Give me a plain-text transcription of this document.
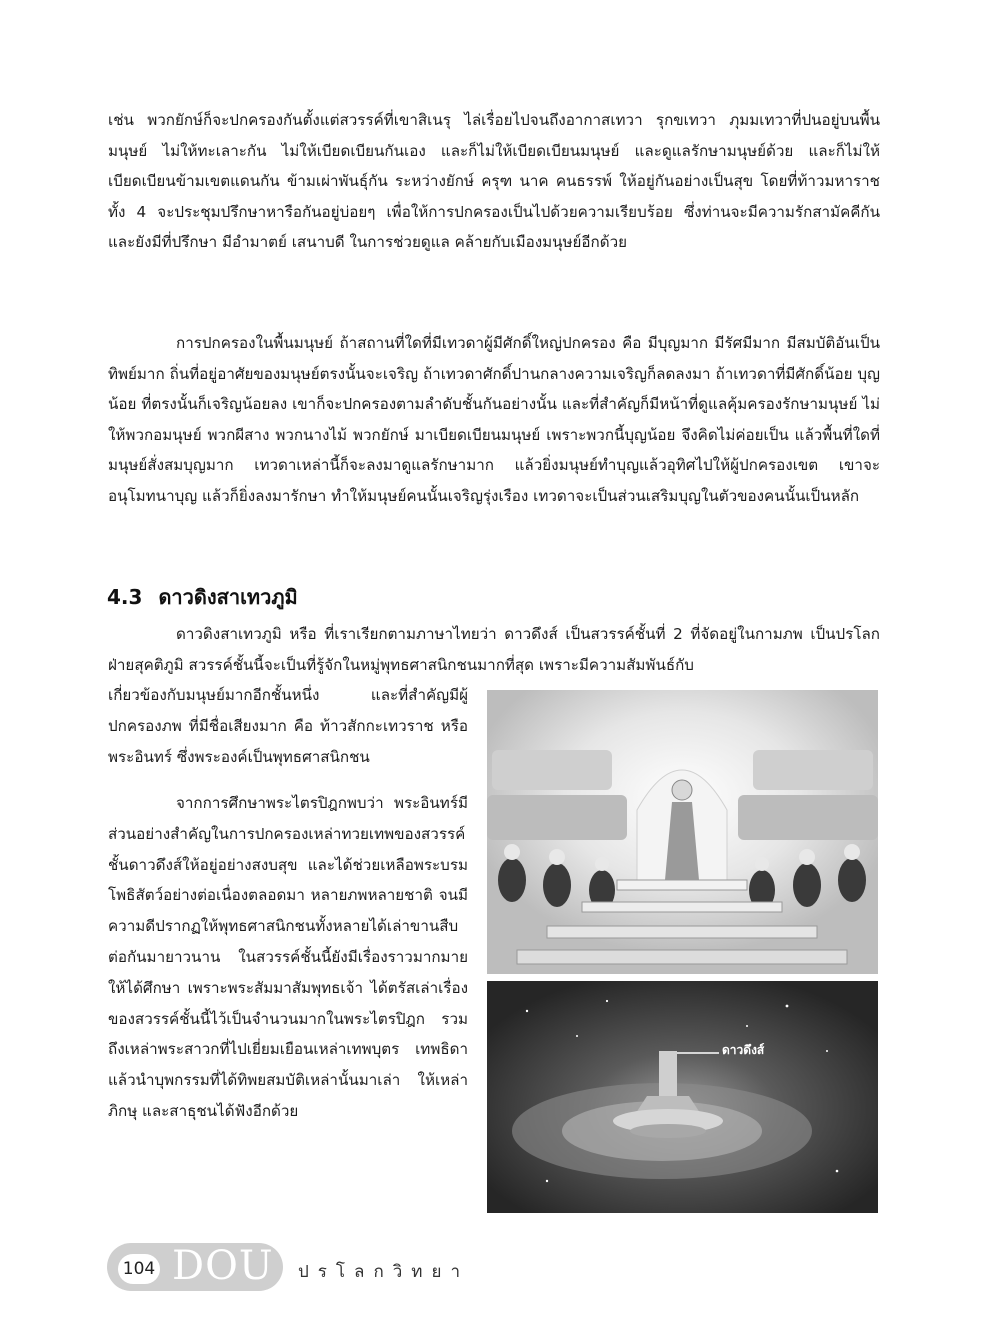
เช่น พวกยักษ์ก็จะปกครองกันตั้งแต่สวรรค์ที่เขาสิเนรุ ไล่เรื่อยไปจนถึงอากาสเทวา รุกขเทวา ภุมมเทวาที่ปนอยู่บนพื้นมนุษย์ ไม่ให้ทะเลาะกัน ไม่ให้เบียดเบียนกันเอง และก็ไม่ให้เบียดเบียนมนุษย์ และดูแลรักษามนุษย์ด้วย และก็ไม่ให้เบียดเบียนข้ามเขตแดนกัน ข้ามเผ่าพันธุ์กัน ระหว่างยักษ์ ครุฑ นาค คนธรรพ์ ให้อยู่กันอย่างเป็นสุข โดยที่ท้าวมหาราชทั้ง 4 จะประชุมปรึกษาหารือกันอยู่บ่อยๆ เพื่อให้การปกครองเป็นไปด้วยความเรียบร้อย ซึ่งท่านจะมีความรักสามัคคีกัน และยังมีที่ปรึกษา มีอำมาตย์ เสนาบดี ในการช่วยดูแล คล้ายกับเมืองมนุษย์อีกด้วย

การปกครองในพื้นมนุษย์ ถ้าสถานที่ใดที่มีเทวดาผู้มีศักดิ์ใหญ่ปกครอง คือ มีบุญมาก มีรัศมีมาก มีสมบัติอันเป็นทิพย์มาก ถิ่นที่อยู่อาศัยของมนุษย์ตรงนั้นจะเจริญ ถ้าเทวดาศักดิ์ปานกลางความเจริญก็ลดลงมา ถ้าเทวดาที่มีศักดิ์น้อย บุญน้อย ที่ตรงนั้นก็เจริญน้อยลง เขาก็จะปกครองตามลำดับชั้นกันอย่างนั้น และที่สำคัญก็มีหน้าที่ดูแลคุ้มครองรักษามนุษย์ ไม่ให้พวกอมนุษย์ พวกผีสาง พวกนางไม้ พวกยักษ์ มาเบียดเบียนมนุษย์ เพราะพวกนี้บุญน้อย จึงคิดไม่ค่อยเป็น แล้วพื้นที่ใดที่มนุษย์สั่งสมบุญมาก เทวดาเหล่านี้ก็จะลงมาดูแลรักษามาก แล้วยิ่งมนุษย์ทำบุญแล้วอุทิศไปให้ผู้ปกครองเขต เขาจะอนุโมทนาบุญ แล้วก็ยิ่งลงมารักษา ทำให้มนุษย์คนนั้นเจริญรุ่งเรือง เทวดาจะเป็นส่วนเสริมบุญในตัวของคนนั้นเป็นหลัก

4.3 ดาวดิงสาเทวภูมิ

ดาวดิงสาเทวภูมิ หรือ ที่เราเรียกตามภาษาไทยว่า ดาวดึงส์ เป็นสวรรค์ชั้นที่ 2 ที่จัดอยู่ในกามภพ เป็นปรโลกฝ่ายสุคติภูมิ สวรรค์ชั้นนี้จะเป็นที่รู้จักในหมู่พุทธศาสนิกชนมากที่สุด เพราะมีความสัมพันธ์กับ

เกี่ยวข้องกับมนุษย์มากอีกชั้นหนึ่ง และที่สำคัญมีผู้ปกครองภพ ที่มีชื่อเสียงมาก คือ ท้าวสักกะเทวราช หรือพระอินทร์ ซึ่งพระองค์เป็นพุทธศาสนิกชน

จากการศึกษาพระไตรปิฎกพบว่า พระอินทร์มีส่วนอย่างสำคัญในการปกครองเหล่าทวยเทพของสวรรค์ชั้นดาวดึงส์ให้อยู่อย่างสงบสุข และได้ช่วยเหลือพระบรมโพธิสัตว์อย่างต่อเนื่องตลอดมา หลายภพหลายชาติ จนมีความดีปรากฏให้พุทธศาสนิกชนทั้งหลายได้เล่าขานสืบต่อกันมายาวนาน ในสวรรค์ชั้นนี้ยังมีเรื่องราวมากมายให้ได้ศึกษา เพราะพระสัมมาสัมพุทธเจ้า ได้ตรัสเล่าเรื่องของสวรรค์ชั้นนี้ไว้เป็นจำนวนมากในพระไตรปิฎก รวมถึงเหล่าพระสาวกที่ไปเยี่ยมเยือนเหล่าเทพบุตร เทพธิดา แล้วนำบุพกรรมที่ได้ทิพยสมบัติเหล่านั้นมาเล่า ให้เหล่าภิกษุ และสาธุชนได้ฟังอีกด้วย

ดาวดึงส์
104 DOU ปรโลกวิทยา
